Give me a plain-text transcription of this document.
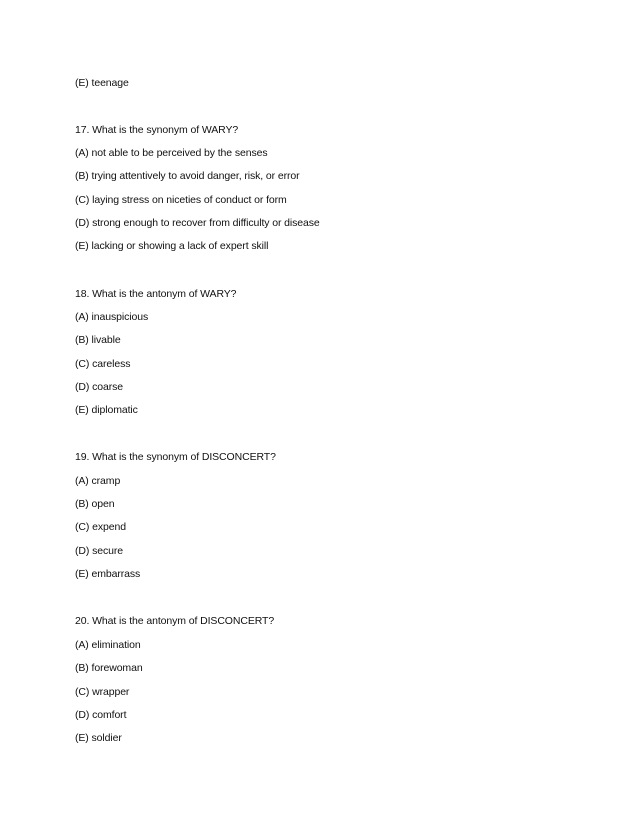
(E) teenage
17. What is the synonym of WARY?
(A) not able to be perceived by the senses
(B) trying attentively to avoid danger, risk, or error
(C) laying stress on niceties of conduct or form
(D) strong enough to recover from difficulty or disease
(E) lacking or showing a lack of expert skill
18. What is the antonym of WARY?
(A) inauspicious
(B) livable
(C) careless
(D) coarse
(E) diplomatic
19. What is the synonym of DISCONCERT?
(A) cramp
(B) open
(C) expend
(D) secure
(E) embarrass
20. What is the antonym of DISCONCERT?
(A) elimination
(B) forewoman
(C) wrapper
(D) comfort
(E) soldier
